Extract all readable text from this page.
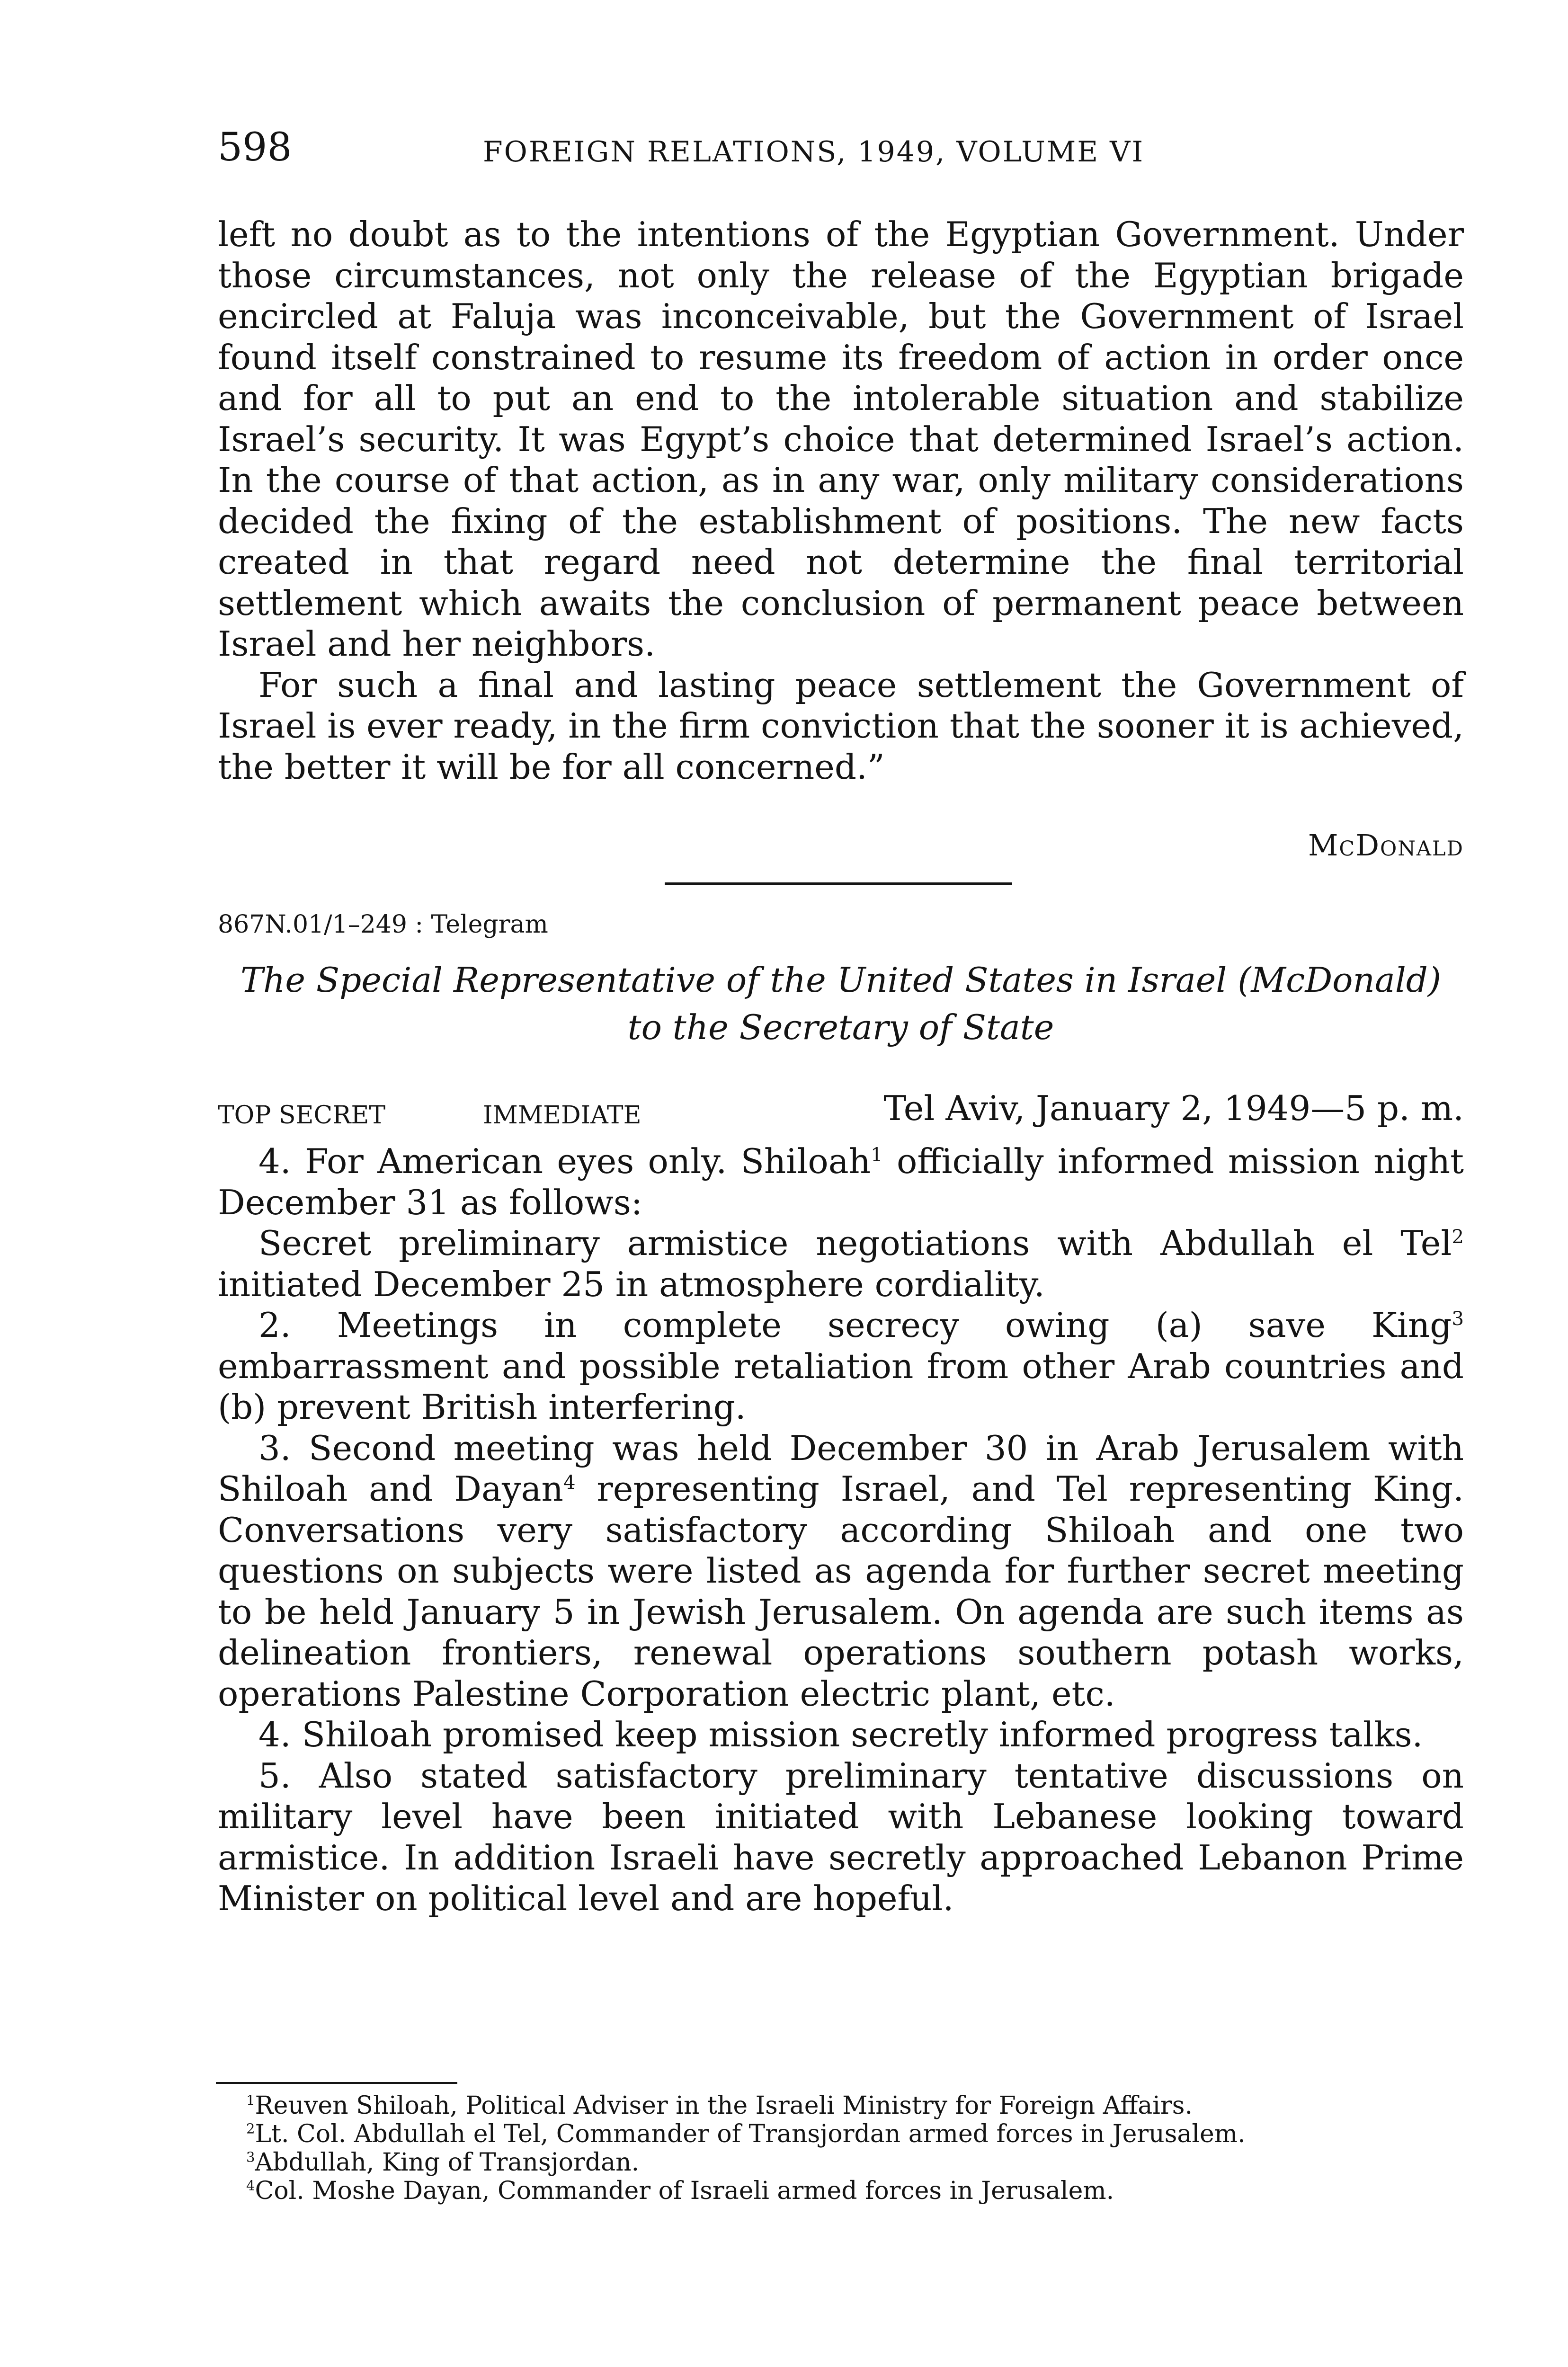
598	FOREIGN RELATIONS, 1949, VOLUME VI

left no doubt as to the intentions of the Egyptian Government. Under those circumstances, not only the release of the Egyptian brigade encircled at Faluja was inconceivable, but the Government of Israel found itself constrained to resume its freedom of action in order once and for all to put an end to the intolerable situation and stabilize Israel’s security. It was Egypt’s choice that determined Israel’s action. In the course of that action, as in any war, only military considerations decided the fixing of the establishment of positions. The new facts created in that regard need not determine the final territorial settlement which awaits the conclusion of permanent peace between Israel and her neighbors.

For such a final and lasting peace settlement the Government of Israel is ever ready, in the firm conviction that the sooner it is achieved, the better it will be for all concerned.”

McDonald
867N.01/1–249 : Telegram
The Special Representative of the United States in Israel (McDonald)
to the Secretary of State
TOP SECRET	IMMEDIATE	Tel Aviv, January 2, 1949—5 p. m.

4. For American eyes only. Shiloah$^1$ officially informed mission night December 31 as follows:

Secret preliminary armistice negotiations with Abdullah el Tel$^2$ initiated December 25 in atmosphere cordiality.

2. Meetings in complete secrecy owing (a) save King$^3$ embarrassment and possible retaliation from other Arab countries and (b) prevent British interfering.

3. Second meeting was held December 30 in Arab Jerusalem with Shiloah and Dayan$^4$ representing Israel, and Tel representing King. Conversations very satisfactory according Shiloah and one two questions on subjects were listed as agenda for further secret meeting to be held January 5 in Jewish Jerusalem. On agenda are such items as delineation frontiers, renewal operations southern potash works, operations Palestine Corporation electric plant, etc.

4. Shiloah promised keep mission secretly informed progress talks.

5. Also stated satisfactory preliminary tentative discussions on military level have been initiated with Lebanese looking toward armistice. In addition Israeli have secretly approached Lebanon Prime Minister on political level and are hopeful.

$^1$Reuven Shiloah, Political Adviser in the Israeli Ministry for Foreign Affairs.

$^2$Lt. Col. Abdullah el Tel, Commander of Transjordan armed forces in Jerusalem.

$^3$Abdullah, King of Transjordan.

$^4$Col. Moshe Dayan, Commander of Israeli armed forces in Jerusalem.
